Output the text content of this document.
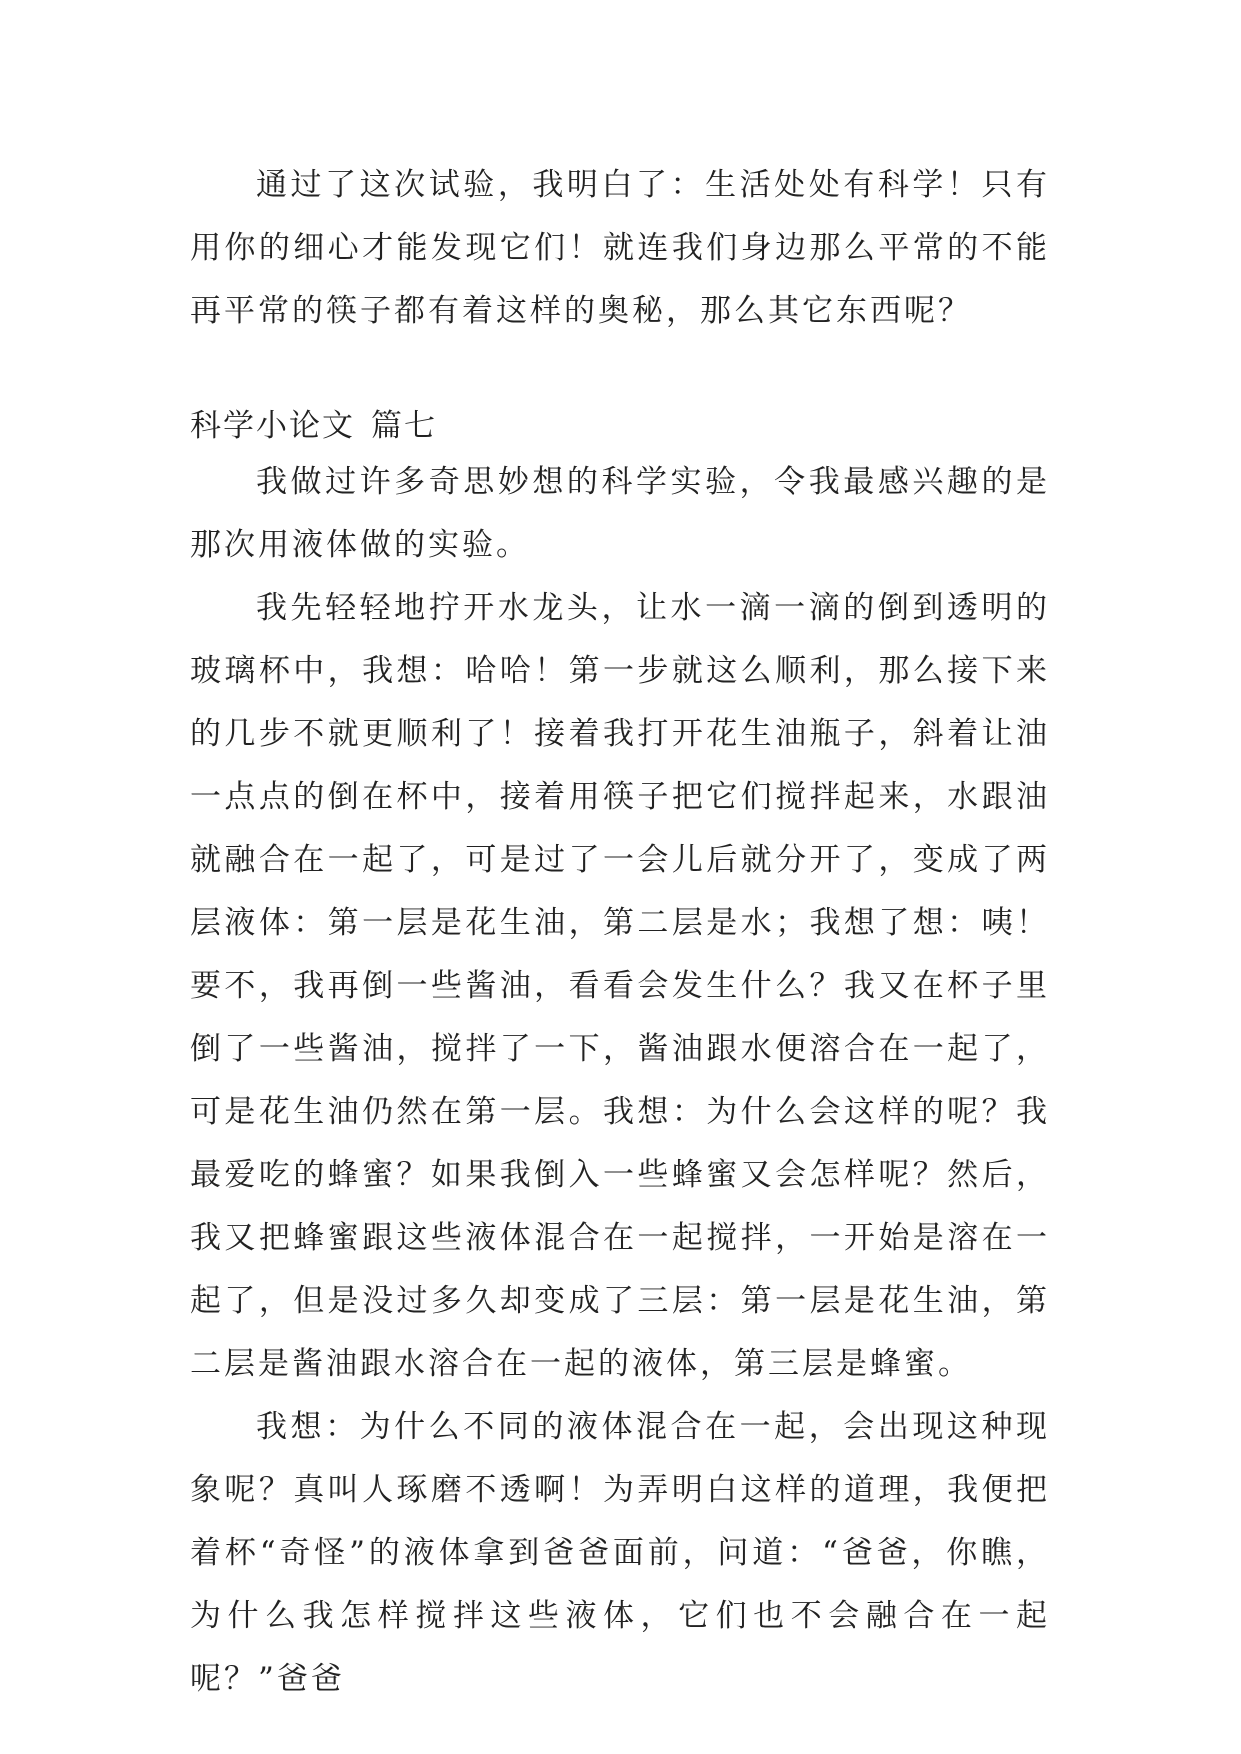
通过了这次试验，我明白了：生活处处有科学！只有用你的细心才能发现它们！就连我们身边那么平常的不能再平常的筷子都有着这样的奥秘，那么其它东西呢？

科学小论文 篇七

我做过许多奇思妙想的科学实验，令我最感兴趣的是那次用液体做的实验。

我先轻轻地拧开水龙头，让水一滴一滴的倒到透明的玻璃杯中，我想：哈哈！第一步就这么顺利，那么接下来的几步不就更顺利了！接着我打开花生油瓶子，斜着让油一点点的倒在杯中，接着用筷子把它们搅拌起来，水跟油就融合在一起了，可是过了一会儿后就分开了，变成了两层液体：第一层是花生油，第二层是水；我想了想：咦！要不，我再倒一些酱油，看看会发生什么？我又在杯子里倒了一些酱油，搅拌了一下，酱油跟水便溶合在一起了，可是花生油仍然在第一层。我想：为什么会这样的呢？我最爱吃的蜂蜜？如果我倒入一些蜂蜜又会怎样呢？然后，我又把蜂蜜跟这些液体混合在一起搅拌，一开始是溶在一起了，但是没过多久却变成了三层：第一层是花生油，第二层是酱油跟水溶合在一起的液体，第三层是蜂蜜。

我想：为什么不同的液体混合在一起，会出现这种现象呢？真叫人琢磨不透啊！为弄明白这样的道理，我便把着杯“奇怪”的液体拿到爸爸面前，问道：“爸爸，你瞧，为什么我怎样搅拌这些液体，它们也不会融合在一起呢？”爸爸
